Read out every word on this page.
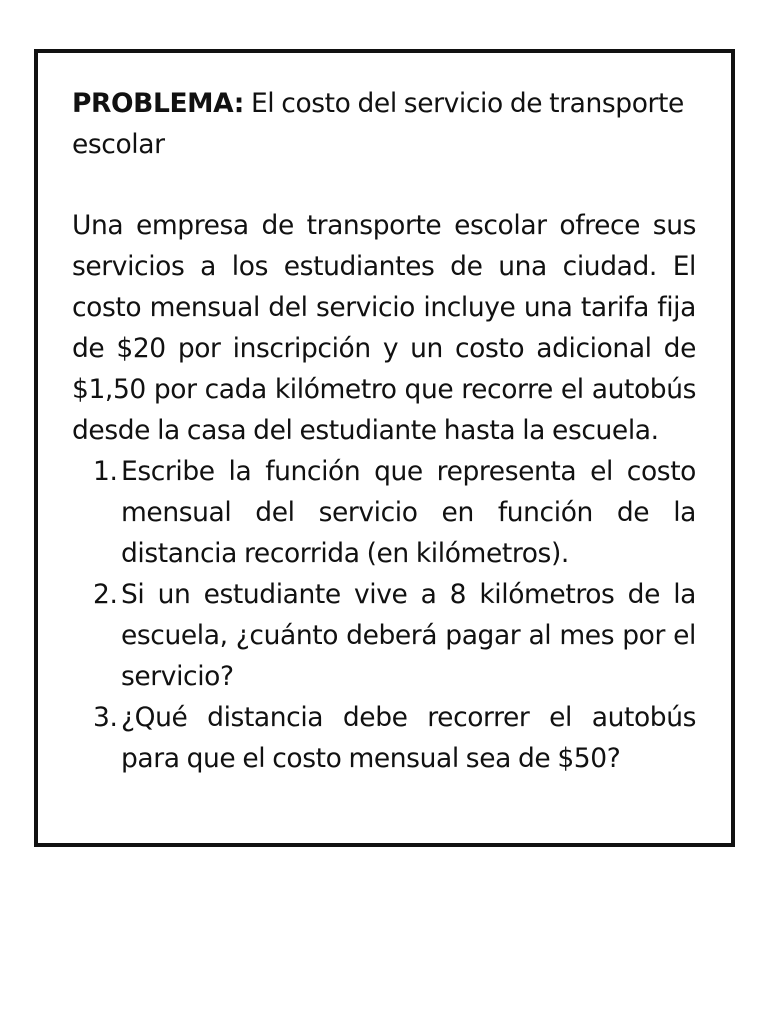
PROBLEMA: El costo del servicio de transporte escolar

Una empresa de transporte escolar ofrece sus servicios a los estudiantes de una ciudad. El costo mensual del servicio incluye una tarifa fija de $20 por inscripción y un costo adicional de $1,50 por cada kilómetro que recorre el autobús desde la casa del estudiante hasta la escuela.

1. Escribe la función que representa el costo mensual del servicio en función de la distancia recorrida (en kilómetros).
2. Si un estudiante vive a 8 kilómetros de la escuela, ¿cuánto deberá pagar al mes por el servicio?
3. ¿Qué distancia debe recorrer el autobús para que el costo mensual sea de $50?
